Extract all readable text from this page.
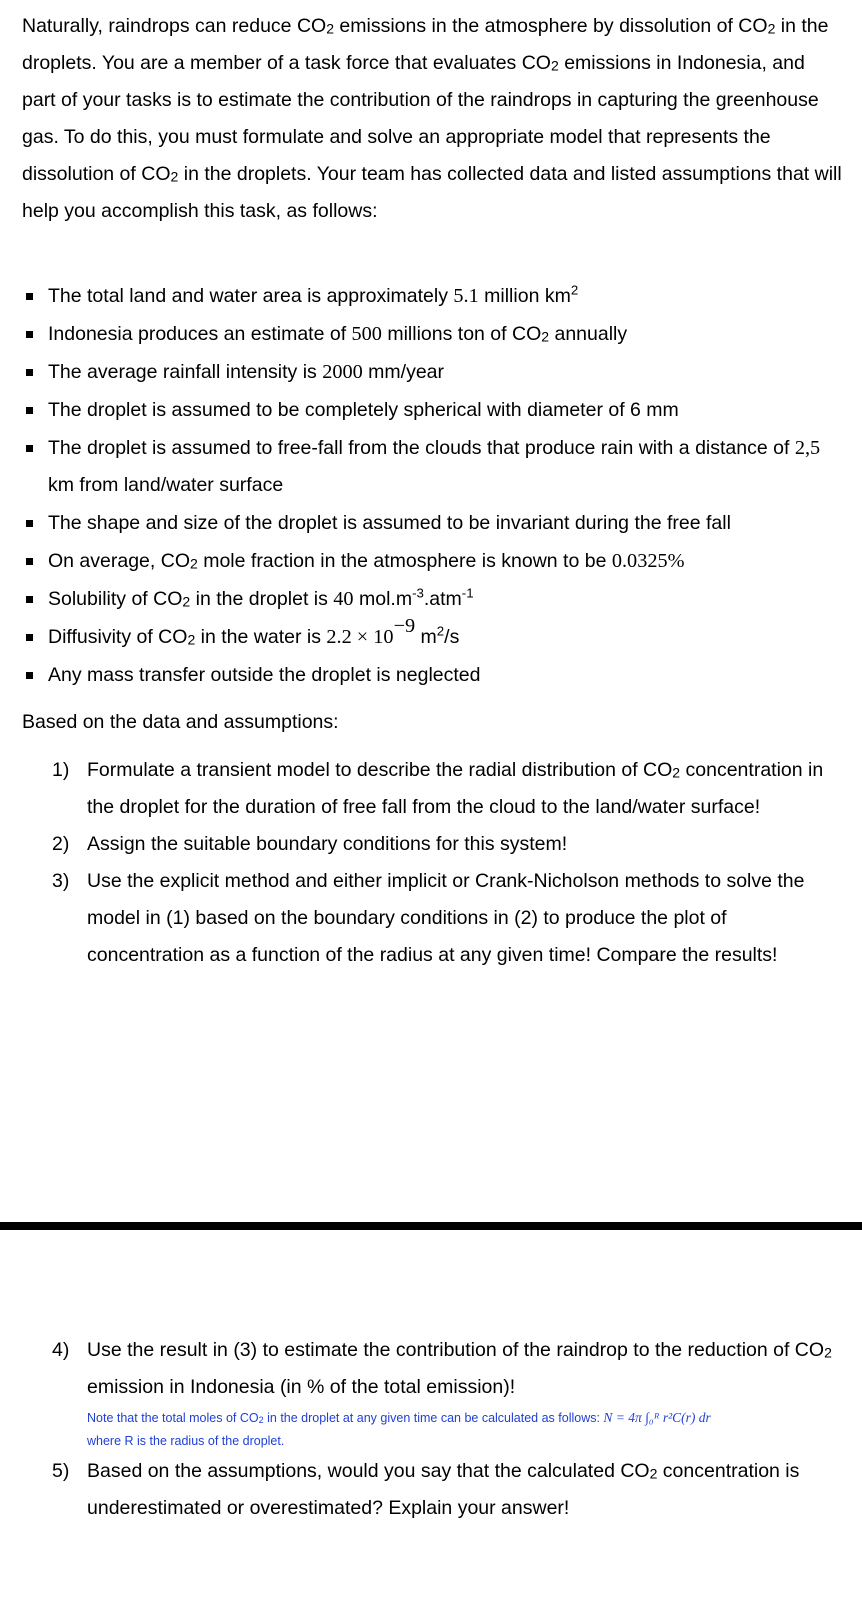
Naturally, raindrops can reduce CO2 emissions in the atmosphere by dissolution of CO2 in the droplets. You are a member of a task force that evaluates CO2 emissions in Indonesia, and part of your tasks is to estimate the contribution of the raindrops in capturing the greenhouse gas. To do this, you must formulate and solve an appropriate model that represents the dissolution of CO2 in the droplets. Your team has collected data and listed assumptions that will help you accomplish this task, as follows:

The total land and water area is approximately 5.1 million $km^2$
Indonesia produces an estimate of 500 millions ton of CO2 annually
The average rainfall intensity is 2000 mm/year
The droplet is assumed to be completely spherical with diameter of 6 mm
The droplet is assumed to free-fall from the clouds that produce rain with a distance of 2,5 km from land/water surface
The shape and size of the droplet is assumed to be invariant during the free fall
On average, CO2 mole fraction in the atmosphere is known to be 0.0325%
Solubility of CO2 in the droplet is 40 $mol.m^{-3}.atm^{-1}$
Diffusivity of CO2 in the water is 2.2 × 10−9 $m^2/s$
Any mass transfer outside the droplet is neglected

Based on the data and assumptions:

1) Formulate a transient model to describe the radial distribution of CO2 concentration in the droplet for the duration of free fall from the cloud to the land/water surface!
2) Assign the suitable boundary conditions for this system!
3) Use the explicit method and either implicit or Crank-Nicholson methods to solve the model in (1) based on the boundary conditions in (2) to produce the plot of concentration as a function of the radius at any given time! Compare the results!
4) Use the result in (3) to estimate the contribution of the raindrop to the reduction of CO2 emission in Indonesia (in % of the total emission)!

Note that the total moles of CO2 in the droplet at any given time can be calculated as follows: N = 4π ∫₀ᴿ r²C(r) dr
where R is the radius of the droplet.

5) Based on the assumptions, would you say that the calculated CO2 concentration is underestimated or overestimated? Explain your answer!
